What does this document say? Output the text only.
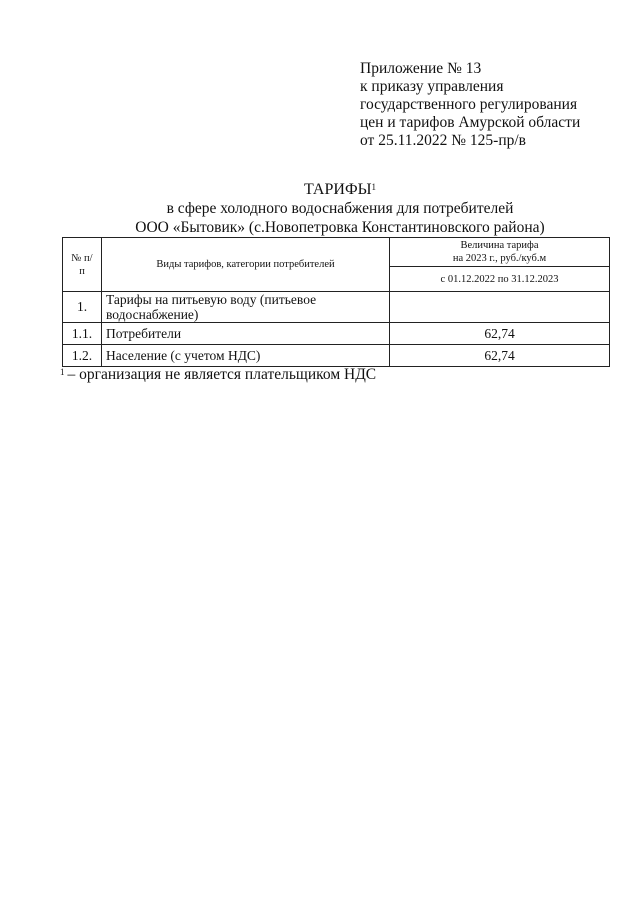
Приложение № 13
к приказу управления
государственного регулирования
цен и тарифов Амурской области
от 25.11.2022 № 125-пр/в
ТАРИФЫ$^1$
в сфере холодного водоснабжения для потребителей
ООО «Бытовик» (с.Новопетровка Константиновского района)
№ п/п	Виды тарифов, категории потребителей	Величина тарифа
на 2023 г., руб./куб.м

		с 01.12.2022 по 31.12.2023
1.	Тарифы на питьевую воду (питьевое водоснабжение)	
1.1.	Потребители	62,74
1.2.	Население (с учетом НДС)	62,74
$^1$ – организация не является плательщиком НДС
